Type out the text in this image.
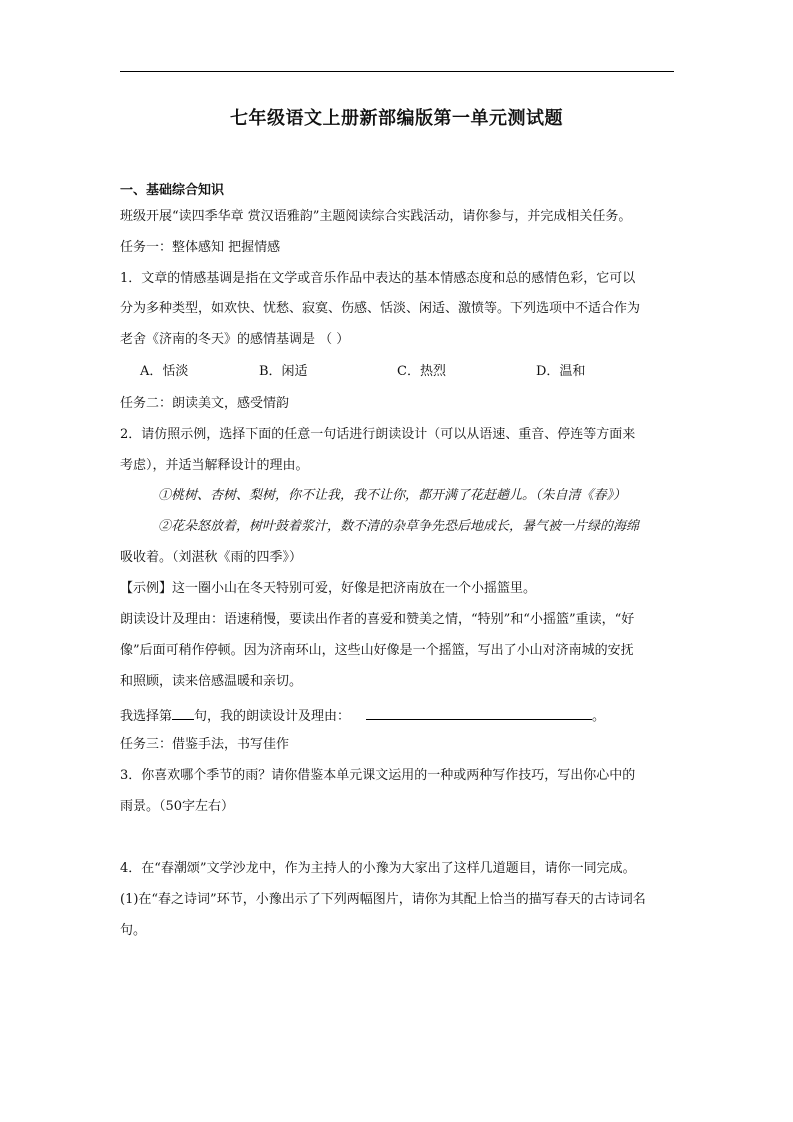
七年级语文上册新部编版第一单元测试题
一、基础综合知识
班级开展“读四季华章 赏汉语雅韵”主题阅读综合实践活动，请你参与，并完成相关任务。
任务一：整体感知 把握情感
1．文章的情感基调是指在文学或音乐作品中表达的基本情感态度和总的感情色彩，它可以
分为多种类型，如欢快、忧愁、寂寞、伤感、恬淡、闲适、激愤等。下列选项中不适合作为
老舍《济南的冬天》的感情基调是 （ ）
A．恬淡	B．闲适	C．热烈	D．温和
任务二：朗读美文，感受情韵
2．请仿照示例，选择下面的任意一句话进行朗读设计（可以从语速、重音、停连等方面来
考虑），并适当解释设计的理由。
①桃树、杏树、梨树，你不让我，我不让你，都开满了花赶趟儿。（朱自清《春》）
②花朵怒放着，树叶鼓着浆汁，数不清的杂草争先恐后地成长，暑气被一片绿的海绵
吸收着。（刘湛秋《雨的四季》）
【示例】这一圈小山在冬天特别可爱，好像是把济南放在一个小摇篮里。
朗读设计及理由：语速稍慢，要读出作者的喜爱和赞美之情，“特别”和“小摇篮”重读，“好
像”后面可稍作停顿。因为济南环山，这些山好像是一个摇篮，写出了小山对济南城的安抚
和照顾，读来倍感温暖和亲切。
我选择第 句，我的朗读设计及理由：	。
任务三：借鉴手法，书写佳作
3．你喜欢哪个季节的雨？请你借鉴本单元课文运用的一种或两种写作技巧，写出你心中的
雨景。（50字左右）
4．在“春潮颂”文学沙龙中，作为主持人的小豫为大家出了这样几道题目，请你一同完成。
(1)在“春之诗词”环节，小豫出示了下列两幅图片，请你为其配上恰当的描写春天的古诗词名
句。
